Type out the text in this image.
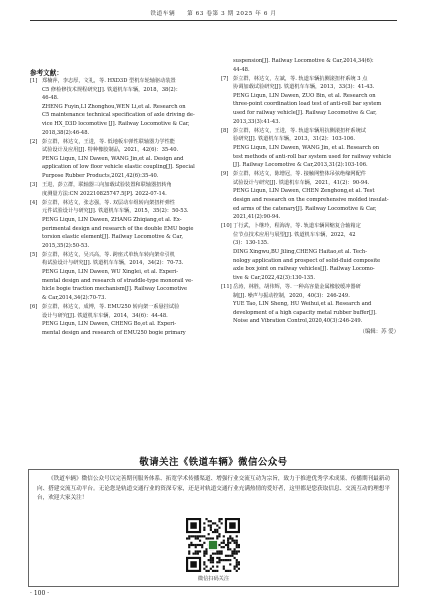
铁道车辆 第 63 卷第 3 期 2025 年 6 月
参考文献：
[1] 郑楠萍，李志厚，文礼，等. HXD3D 型机车轮轴驱动装置

C5 修检修技术规程研究[J]. 铁道机车车辆，2018，38(2)：

46-48.

ZHENG Fuyin,LI Zhonghou,WEN Li,et al. Research on

C5 maintenance technical specification of axle driving de-

vice HX_D3D locomotive [J]. Railway Locomotive & Car,

2018,38(2):46-48.

[2] 彭立群，林达文，王进，等. 低地板车弹性联轴器力学性能

试验设计及应用[J]. 特种橡胶制品，2021，42(6)：35-40.

PENG Liqun, LIN Dawen, WANG Jin,et al. Design and

application of low floor vehicle elastic coupling[J]. Special

Purpose Rubber Products,2021,42(6):35-40.

[3] 王进，彭立群，联轴器三向加载试验装置和联轴器扭转角

度测量方法:CN 202210825747.5[P]. 2022-07-14.

[4] 彭立群，林达文，张志强，等. 双层动车组转向架扭杆弹性

元件试验设计与研究[J]. 铁道机车车辆，2015，35(2)：50-53.

PENG Liqun, LIN Dawen, ZHANG Zhiqiang,et al. Ex-

perimental design and research of the double EMU bogie

torsion elastic element[J]. Railway Locomotive & Car,

2015,35(2):50-53.

[5] 彭立群，林达文，吴兴高，等. 跨座式单轨车转向架牵引机

构试验设计与研究[J]. 铁道机车车辆，2014，34(2)：70-73.

PENG Liqun, LIN Dawen, WU Xinglei, et al. Experi-

mental design and research of straddle-type monorail ve-

hicle bogie traction mechanism[J]. Railway Locomotive

& Car,2014,34(2):70-73.

[6] 彭立群，林达文，成博，等. EMU250 转向架一系悬挂试验

设计与研究[J]. 铁道机车车辆，2014，34(6)：44-48.

PENG Liqun, LIN Dawen, CHENG Bo,et al. Experi-

mental design and research of EMU250 bogie primary

suspension[J]. Railway Locomotive & Car,2014,34(6):

44-48.

[7] 彭立群，林达文，左斌，等. 轨道车辆抗侧滚扭杆系统 3 点

协调加载试验研究[J]. 铁道机车车辆，2013，33(3)：41-43.

PENG Liqun, LIN Dawen, ZUO Bin, et al. Research on

three-point coordination load test of anti-roll bar system

used for railway vehicle[J]. Railway Locomotive & Car,

2013,33(3):41-43.

[8] 彭立群，林达文，王进，等. 轨道车辆用抗侧滚扭杆系统试

验研究[J]. 铁道机车车辆，2013，31(2)：103-106.

PENG Liqun, LIN Dawen, WANG Jin, et al. Research on

test methods of anti-roll bar system used for railway vehicle

[J]. Railway Locomotive & Car,2013,31(2):103-106.

[9] 彭立群，林达文，陈增冠，等. 接触网整体吊弦绝缘网配件

试验设计与研究[J]. 铁道机车车辆，2021，41(2)：90-94.

PENG Liqun, LIN Dawen, CHEN Zenghong,et al. Test

design and research on the comprehensive molded insulat-

ed arms of the catenary[J]. Railway Locomotive & Car,

2021,41(2):90-94.

[10] 丁行武，卜继玲，程海涛，等. 轨道车辆回缩复合轴箱定

位节点技术应用与展望[J]. 铁道机车车辆，2022，42

(3)：130-135.

DING Xingwu,BU Jiling,CHENG Haitao,et al. Tech-

nology application and prospect of solid-fluid composite

axle box joint on railway vehicles[J]. Railway Locomo-

tive & Car,2022,42(3):130-135.

[11] 岳涛，林胜，胡伟辉，等. 一种高容量金属橡胶缓冲器研

制[J]. 噪声与振动控制，2020，40(3)：246-249.

YUE Tao, LIN Sheng, HU Weihui,et al. Research and

development of a high capacity metal rubber buffer[J].

Noise and Vibration Control,2020,40(3):246-249.

（编辑：苏 爱）
敬请关注《铁道车辆》微信公众号
《铁道车辆》微信公众号以完善期刊服务体系、拓宽学术传播渠道、增强行业交流互动为宗旨，致力于推进优秀学术成果、传播期刊最新动向、搭建交流互动平台。无论您是轨道交通行业的资深专家，还是对轨道交通行业充满热情的爱好者，这里都是您获取信息、交流互动的理想平台，欢迎大家关注！
微信扫码关注
· 100 ·
